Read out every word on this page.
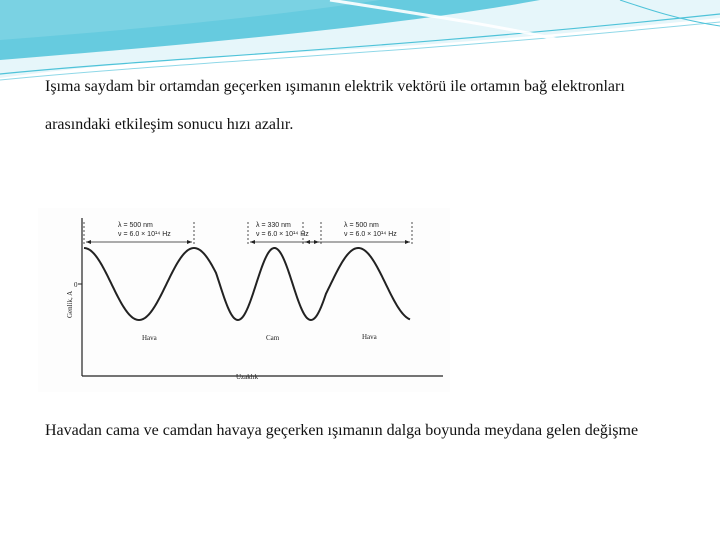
Işıma saydam bir ortamdan geçerken ışımanın elektrik vektörü ile ortamın bağ elektronları arasındaki etkileşim sonucu hızı azalır.

λ = 500 nm
ν = 6.0 × 10¹⁴ Hz
λ = 330 nm
ν = 6.0 × 10¹⁴ Hz
λ = 500 nm
ν = 6.0 × 10¹⁴ Hz
Hava	Cam	Hava
0
Genlik, A
Uzaklık

Havadan cama ve camdan havaya geçerken ışımanın dalga boyunda meydana gelen değişme
